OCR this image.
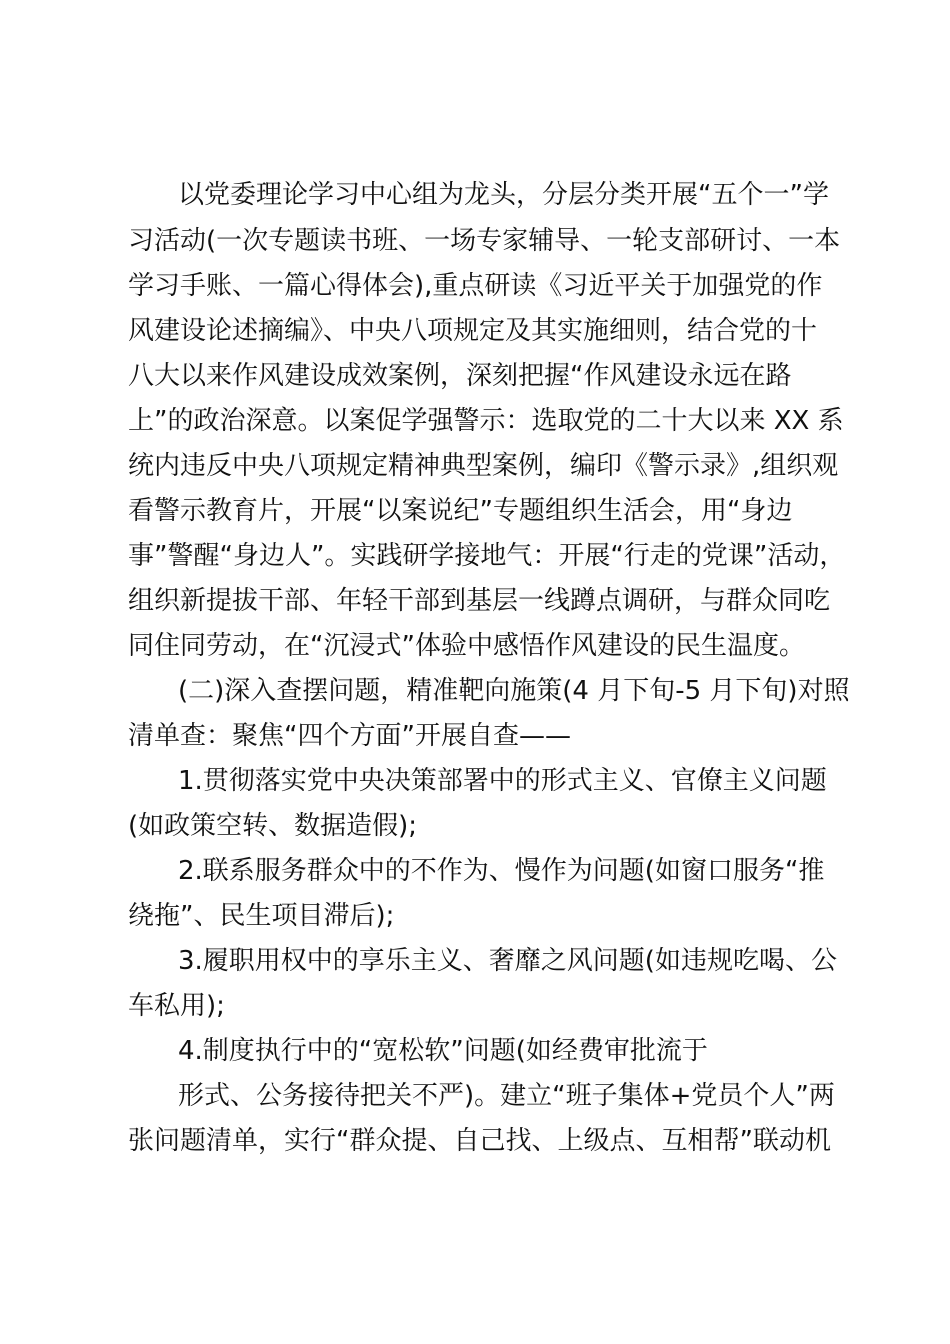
以党委理论学习中心组为龙头，分层分类开展“五个一”学

习活动(一次专题读书班、一场专家辅导、一轮支部研讨、一本

学习手账、一篇心得体会),重点研读《习近平关于加强党的作

风建设论述摘编》、中央八项规定及其实施细则，结合党的十

八大以来作风建设成效案例，深刻把握“作风建设永远在路

上”的政治深意。以案促学强警示：选取党的二十大以来 XX 系

统内违反中央八项规定精神典型案例，编印《警示录》,组织观

看警示教育片，开展“以案说纪”专题组织生活会，用“身边

事”警醒“身边人”。实践研学接地气：开展“行走的党课”活动，

组织新提拔干部、年轻干部到基层一线蹲点调研，与群众同吃

同住同劳动，在“沉浸式”体验中感悟作风建设的民生温度。

(二)深入查摆问题，精准靶向施策(4 月下旬-5 月下旬)对照

清单查：聚焦“四个方面”开展自查——

1.贯彻落实党中央决策部署中的形式主义、官僚主义问题

(如政策空转、数据造假);

2.联系服务群众中的不作为、慢作为问题(如窗口服务“推

绕拖”、民生项目滞后);

3.履职用权中的享乐主义、奢靡之风问题(如违规吃喝、公

车私用);

4.制度执行中的“宽松软”问题(如经费审批流于

形式、公务接待把关不严)。建立“班子集体+党员个人”两

张问题清单，实行“群众提、自己找、上级点、互相帮”联动机
